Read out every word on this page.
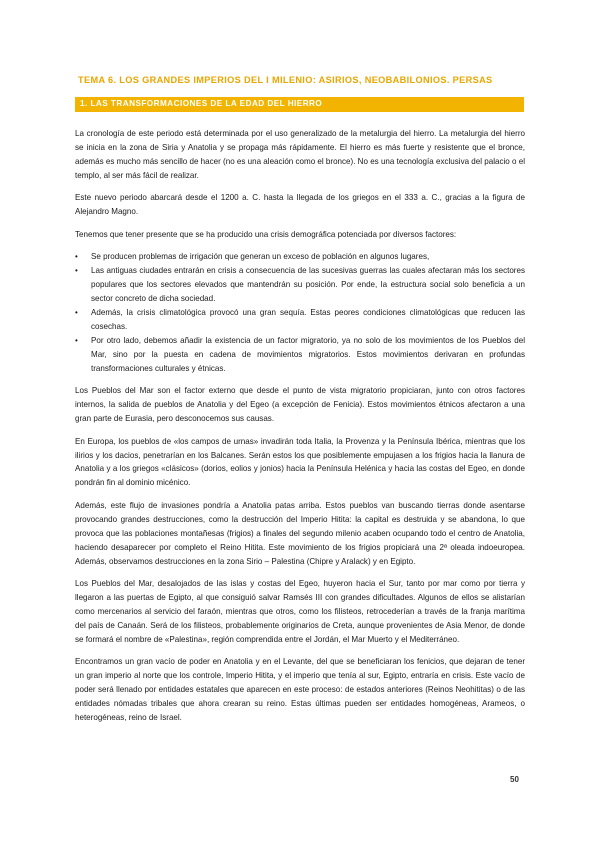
TEMA 6. LOS GRANDES IMPERIOS DEL I MILENIO: ASIRIOS, NEOBABILONIOS. PERSAS
1. LAS TRANSFORMACIONES DE LA EDAD DEL HIERRO

La cronología de este periodo está determinada por el uso generalizado de la metalurgia del hierro. La metalurgia del hierro se inicia en la zona de Siria y Anatolia y se propaga más rápidamente. El hierro es más fuerte y resistente que el bronce, además es mucho más sencillo de hacer (no es una aleación como el bronce). No es una tecnología exclusiva del palacio o el templo, al ser más fácil de realizar.

Este nuevo periodo abarcará desde el 1200 a. C. hasta la llegada de los griegos en el 333 a. C., gracias a la figura de Alejandro Magno.

Tenemos que tener presente que se ha producido una crisis demográfica potenciada por diversos factores:

• Se producen problemas de irrigación que generan un exceso de población en algunos lugares,
• Las antiguas ciudades entrarán en crisis a consecuencia de las sucesivas guerras las cuales afectaran más los sectores populares que los sectores elevados que mantendrán su posición. Por ende, la estructura social solo beneficia a un sector concreto de dicha sociedad.
• Además, la crisis climatológica provocó una gran sequía. Estas peores condiciones climatológicas que reducen las cosechas.
• Por otro lado, debemos añadir la existencia de un factor migratorio, ya no solo de los movimientos de los Pueblos del Mar, sino por la puesta en cadena de movimientos migratorios. Estos movimientos derivaran en profundas transformaciones culturales y étnicas.

Los Pueblos del Mar son el factor externo que desde el punto de vista migratorio propiciaran, junto con otros factores internos, la salida de pueblos de Anatolia y del Egeo (a excepción de Fenicia). Estos movimientos étnicos afectaron a una gran parte de Eurasia, pero desconocemos sus causas.

En Europa, los pueblos de «los campos de urnas» invadirán toda Italia, la Provenza y la Península Ibérica, mientras que los ilirios y los dacios, penetrarían en los Balcanes. Serán estos los que posiblemente empujasen a los frigios hacia la llanura de Anatolia y a los griegos «clásicos» (dorios, eolios y jonios) hacia la Península Helénica y hacia las costas del Egeo, en donde pondrán fin al dominio micénico.

Además, este flujo de invasiones pondría a Anatolia patas arriba. Estos pueblos van buscando tierras donde asentarse provocando grandes destrucciones, como la destrucción del Imperio Hitita: la capital es destruida y se abandona, lo que provoca que las poblaciones montañesas (frigios) a finales del segundo milenio acaben ocupando todo el centro de Anatolia, haciendo desaparecer por completo el Reino Hitita. Este movimiento de los frigios propiciará una 2ª oleada indoeuropea. Además, observamos destrucciones en la zona Sirio – Palestina (Chipre y Aralack) y en Egipto.

Los Pueblos del Mar, desalojados de las islas y costas del Egeo, huyeron hacia el Sur, tanto por mar como por tierra y llegaron a las puertas de Egipto, al que consiguió salvar Ramsés III con grandes dificultades. Algunos de ellos se alistarían como mercenarios al servicio del faraón, mientras que otros, como los filisteos, retrocederían a través de la franja marítima del país de Canaán. Será de los filisteos, probablemente originarios de Creta, aunque provenientes de Asia Menor, de donde se formará el nombre de «Palestina», región comprendida entre el Jordán, el Mar Muerto y el Mediterráneo.

Encontramos un gran vacío de poder en Anatolia y en el Levante, del que se beneficiaran los fenicios, que dejaran de tener un gran imperio al norte que los controle, Imperio Hitita, y el imperio que tenía al sur, Egipto, entraría en crisis. Este vacío de poder será llenado por entidades estatales que aparecen en este proceso: de estados anteriores (Reinos Neohititas) o de las entidades nómadas tribales que ahora crearan su reino. Estas últimas pueden ser entidades homogéneas, Arameos, o heterogéneas, reino de Israel.

50
